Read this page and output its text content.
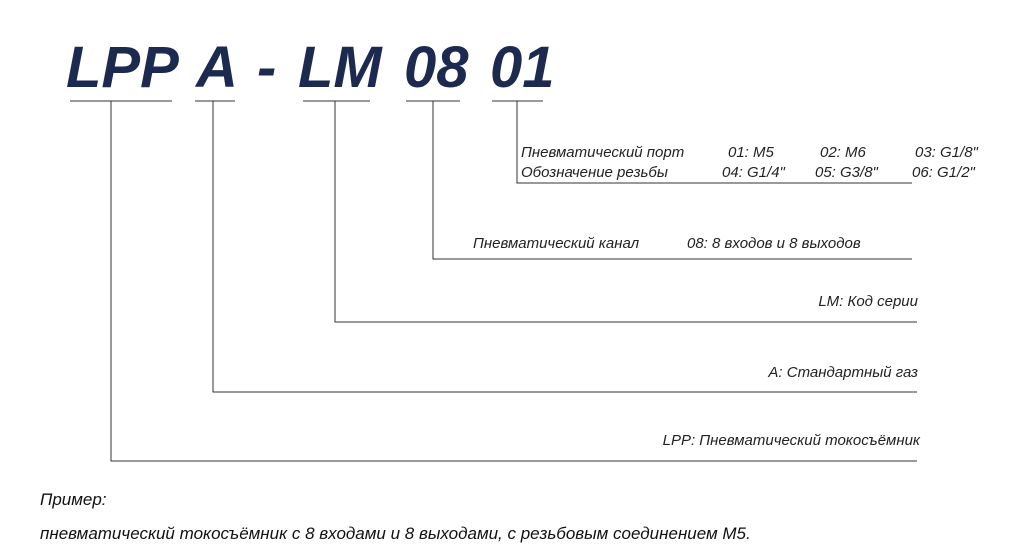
LPP A - LM 08 01
Пневматический порт	01: M5	02: M6	03: G1/8"
Обозначение резьбы	04: G1/4" 05: G3/8" 06: G1/2"
Пневматический канал	08: 8 входов и 8 выходов
LM: Код серии
A: Стандартный газ
LPP: Пневматический токосъёмник
Пример:
пневматический токосъёмник с 8 входами и 8 выходами, с резьбовым соединением M5.
